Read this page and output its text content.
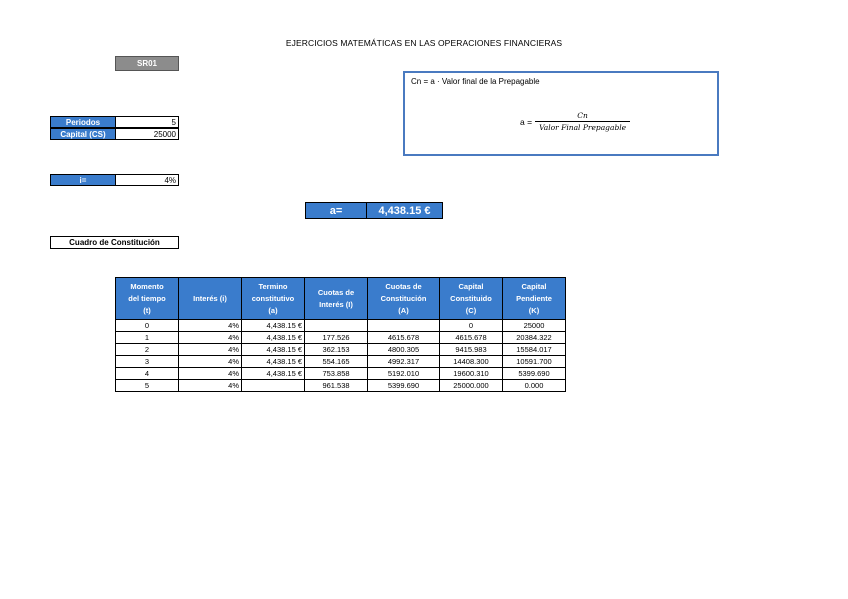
EJERCICIOS MATEMÁTICAS EN LAS OPERACIONES FINANCIERAS
SR01
Periodos	5
Capital (CS)	25000
i=	4%
Cn = a · Valor final de la Prepagable
$a = \frac{Cn}{\text{Valor Final Prepagable}}$
a=	4,438.15 €
Cuadro de Constitución
Momento
del tiempo
(t)	Interés (i)	Termino
constitutivo
(a)	Cuotas de
Interés (I)	Cuotas de
Constitución
(A)	Capital
Constituido
(C)	Capital
Pendiente
(K)
0	4%	4,438.15 €			0	25000
1	4%	4,438.15 €	177.526	4615.678	4615.678	20384.322
2	4%	4,438.15 €	362.153	4800.305	9415.983	15584.017
3	4%	4,438.15 €	554.165	4992.317	14408.300	10591.700
4	4%	4,438.15 €	753.858	5192.010	19600.310	5399.690
5	4%		961.538	5399.690	25000.000	0.000
